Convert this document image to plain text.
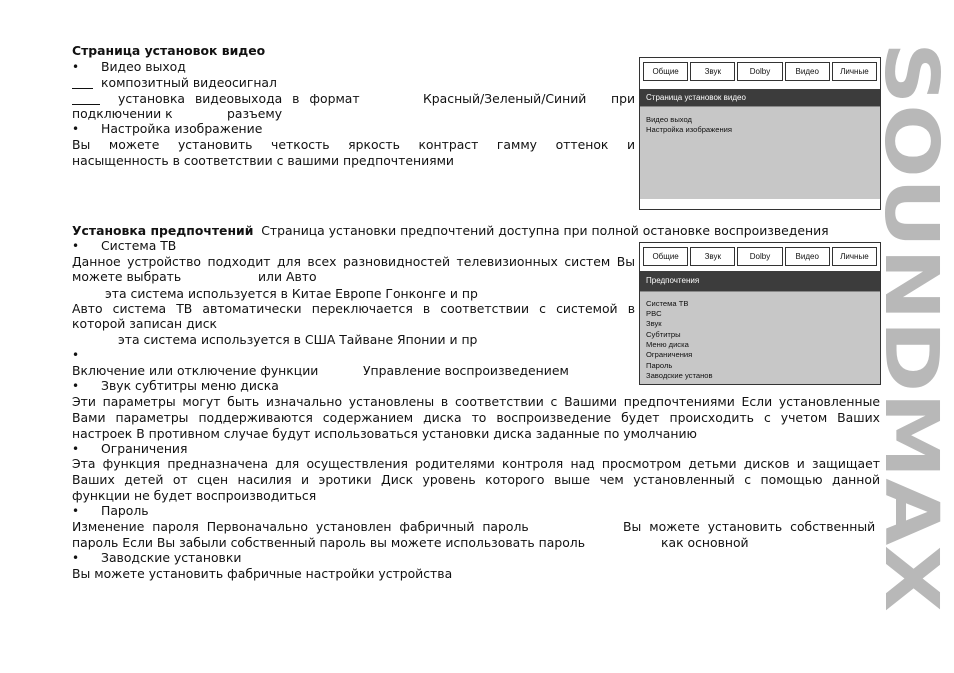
Страница установок видео
• Видео выход
композитный видеосигнал
установка видеовыхода в формат	Красный/Зеленый/Синий при
подключении к	разъему
• Настройка изображение
Вы можете установить четкость яркость контраст гамму оттенок и
насыщенность в соответствии с вашими предпочтениями
Общие	Звук	Dolby	Видео	Личные
Страница установок видео
Видео выход
Настройка изображения
Установка предпочтений Страница установки предпочтений доступна при полной остановке воспроизведения
• Система ТВ
Данное устройство подходит для всех разновидностей телевизионных систем Вы
можете выбрать	или Авто
эта система используется в Китае Европе Гонконге и пр
Авто система ТВ автоматически переключается в соответствии с системой в
которой записан диск
эта система используется в США Тайване Японии и пр
•
Включение или отключение функции	Управление воспроизведением
• Звук субтитры меню диска
Эти параметры могут быть изначально установлены в соответствии с Вашими предпочтениями Если установленные
Вами параметры поддерживаются содержанием диска то воспроизведение будет происходить с учетом Ваших
настроек В противном случае будут использоваться установки диска заданные по умолчанию
• Ограничения
Эта функция предназначена для осуществления родителями контроля над просмотром детьми дисков и защищает
Ваших детей от сцен насилия и эротики Диск уровень которого выше чем установленный с помощью данной
функции не будет воспроизводиться
• Пароль
Изменение пароля Первоначально установлен фабричный пароль	Вы можете установить собственный
пароль Если Вы забыли собственный пароль вы можете использовать пароль	как основной
• Заводские установки
Вы можете установить фабричные настройки устройства
Общие	Звук	Dolby	Видео	Личные
Предпочтения
Система ТВ
PBC
Звук
Субтитры
Меню диска
Ограничения
Пароль
Заводские установ SOUNDMAX
